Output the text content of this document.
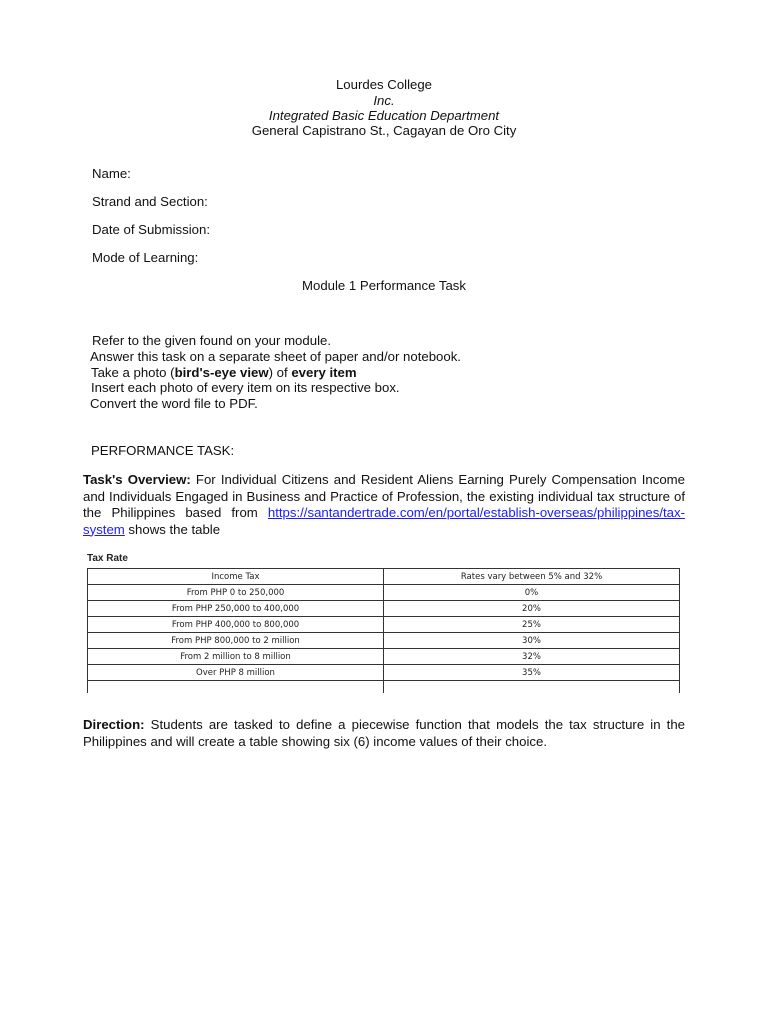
Lourdes College
Inc.
Integrated Basic Education Department
General Capistrano St., Cagayan de Oro City
Name:
Strand and Section:
Date of Submission:
Mode of Learning:
Module 1 Performance Task
Refer to the given found on your module.
Answer this task on a separate sheet of paper and/or notebook.
Take a photo (bird's-eye view) of every item
Insert each photo of every item on its respective box.
Convert the word file to PDF.
PERFORMANCE TASK:
Task's Overview: For Individual Citizens and Resident Aliens Earning Purely Compensation Income and Individuals Engaged in Business and Practice of Profession, the existing individual tax structure of the Philippines based from https://santandertrade.com/en/portal/establish-overseas/philippines/tax-system shows the table
Tax Rate
Income Tax	Rates vary between 5% and 32%
From PHP 0 to 250,000	0%
From PHP 250,000 to 400,000	20%
From PHP 400,000 to 800,000	25%
From PHP 800,000 to 2 million	30%
From 2 million to 8 million	32%
Over PHP 8 million	35%

Direction: Students are tasked to define a piecewise function that models the tax structure in the Philippines and will create a table showing six (6) income values of their choice.
